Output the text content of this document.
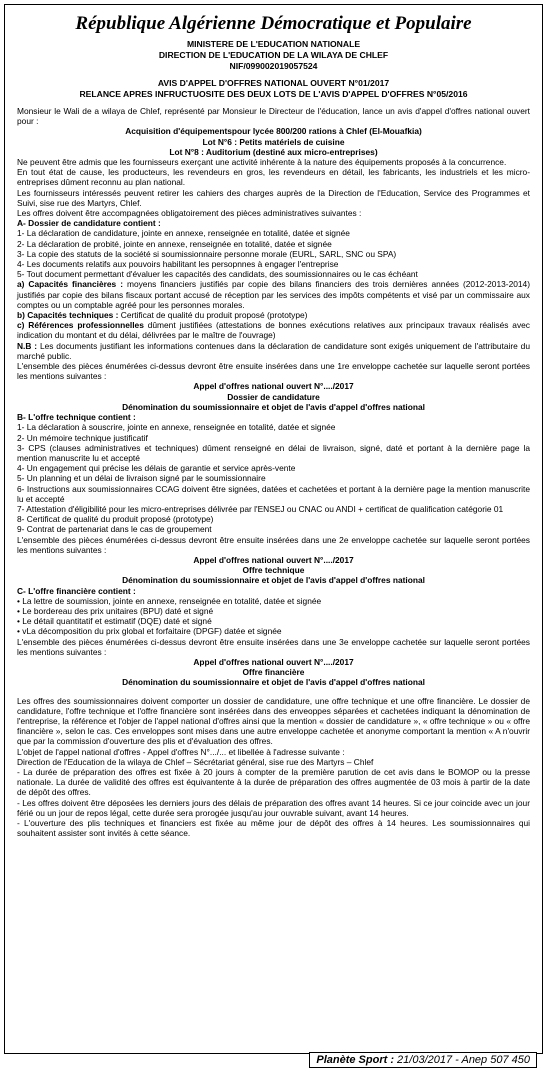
République Algérienne Démocratique et Populaire
MINISTERE DE L'EDUCATION NATIONALE
DIRECTION DE L'EDUCATION DE LA WILAYA DE CHLEF
NIF/099002019057524
AVIS D'APPEL D'OFFRES NATIONAL OUVERT N°01/2017
RELANCE APRES INFRUCTUOSITE DES DEUX LOTS DE L'AVIS D'APPEL D'OFFRES N°05/2016

Monsieur le Wali de a wilaya de Chlef, représenté par Monsieur le Directeur de l'éducation, lance un avis d'appel d'offres national ouvert pour :

Acquisition d'équipementspour lycée 800/200 rations à Chlef (El-Mouafkia)
Lot N°6 : Petits matériels de cuisine
Lot N°8 : Auditorium (destiné aux micro-entreprises)

Ne peuvent être admis que les fournisseurs exerçant une activité inhérente à la nature des équipements proposés à la concurrence.

En tout état de cause, les producteurs, les revendeurs en gros, les revendeurs en détail, les fabricants, les industriels et les micro-entreprises dûment reconnu au plan national.

Les fournisseurs intéressés peuvent retirer les cahiers des charges auprès de la Direction de l'Education, Service des Programmes et Suivi, sise rue des Martyrs, Chlef.

Les offres doivent être accompagnées obligatoirement des pièces administratives suivantes :

A- Dossier de candidature contient :
1- La déclaration de candidature, jointe en annexe, renseignée en totalité, datée et signée
2- La déclaration de probité, jointe en annexe, renseignée en totalité, datée et signée
3- La copie des statuts de la société si soumissionnaire personne morale (EURL, SARL, SNC ou SPA)
4- Les documents relatifs aux pouvoirs habilitant les persopnnes à engager l'entreprise
5- Tout document permettant d'évaluer les capacités des candidats, des soumissionnaires ou le cas échéant

a) Capacités financières : moyens financiers justifiés par copie des bilans financiers des trois dernières années (2012-2013-2014) justifiés par copie des bilans fiscaux portant accusé de réception par les services des impôts compétents et visé par un commissaire aux comptes ou un comptable agréé pour les personnes morales.

b) Capacités techniques : Certificat de qualité du produit proposé (prototype)

c) Références professionnelles dûment justifiées (attestations de bonnes exécutions relatives aux principaux travaux réalisés avec indication du montant et du délai, délivrées par le maître de l'ouvrage)

N.B : Les documents justifiant les informations contenues dans la déclaration de candidature sont exigés uniquement de l'attributaire du marché public.

L'ensemble des pièces énumérées ci-dessus devront être ensuite insérées dans une 1re enveloppe cachetée sur laquelle seront portées les mentions suivantes :

Appel d'offres national ouvert N°..../2017
Dossier de candidature
Dénomination du soumissionnaire et objet de l'avis d'appel d'offres national
B- L'offre technique contient :
1- La déclaration à souscrire, jointe en annexe, renseignée en totalité, datée et signée
2- Un mémoire technique justificatif
3- CPS (clauses administratives et techniques) dûment renseigné en délai de livraison, signé, daté et portant à la dernière page la mention manuscrite lu et accepté
4- Un engagement qui précise les délais de garantie et service après-vente
5- Un planning et un délai de livraison signé par le soumissionnaire
6- Instructions aux soumissionnaires CCAG doivent être signées, datées et cachetées et portant à la dernière page la mention manuscrite lu et accepté
7- Attestation d'éligibilité pour les micro-entreprises délivrée par l'ENSEJ ou CNAC ou ANDI + certificat de qualification catégorie 01
8- Certificat de qualité du produit proposé (prototype)
9- Contrat de partenariat dans le cas de groupement

L'ensemble des pièces énumérées ci-dessus devront être ensuite insérées dans une 2e enveloppe cachetée sur laquelle seront portées les mentions suivantes :

Appel d'offres national ouvert N°..../2017
Offre technique
Dénomination du soumissionnaire et objet de l'avis d'appel d'offres national
C- L'offre financière contient :
• La lettre de soumission, jointe en annexe, renseignée en totalité, datée et signée
• Le bordereau des prix unitaires (BPU) daté et signé
• Le détail quantitatif et estimatif (DQE) daté et signé
• vLa décomposition du prix global et forfaitaire (DPGF) datée et signée

L'ensemble des pièces énumérées ci-dessus devront être ensuite insérées dans une 3e enveloppe cachetée sur laquelle seront portées les mentions suivantes :

Appel d'offres national ouvert N°..../2017
Offre financière
Dénomination du soumissionnaire et objet de l'avis d'appel d'offres national

Les offres des soumissionnaires doivent comporter un dossier de candidature, une offre technique et une offre financière. Le dossier de candidature, l'offre technique et l'offre financière sont insérées dans des enveoppes séparées et cachetées indiquant la dénomination de l'entreprise, la référence et l'objer de l'appel national d'offres ainsi que la mention « dossier de candidature », « offre technique » ou « offre financière », selon le cas. Ces enveloppes sont mises dans une autre enveloppe cachetée et anonyme comportant la mention « A n'ouvrir que par la commission d'ouverture des plis et d'évaluation des offres.

L'objet de l'appel national d'offres - Appel d'offres N°.../... et libellée à l'adresse suivante :

Direction de l'Education de la wilaya de Chlef – Sécrétariat général, sise rue des Martyrs – Chlef

- La durée de préparation des offres est fixée à 20 jours à compter de la première parution de cet avis dans le BOMOP ou la presse nationale. La durée de validité des offres est équivantente à la durée de préparation des offres augmentée de 03 mois à partir de la date de dépôt des offres.

- Les offres doivent être déposées les derniers jours des délais de préparation des offres avant 14 heures. Si ce jour coincide avec un jour férié ou un jour de repos légal, cette durée sera prorogée jusqu'au jour ouvrable suivant, avant 14 heures.

- L'ouverture des plis techniques et financiers est fixée au même jour de dépôt des offres à 14 heures. Les soumissionnaires qui souhaitent assister sont invités à cette séance.

Planète Sport : 21/03/2017 - Anep 507 450
